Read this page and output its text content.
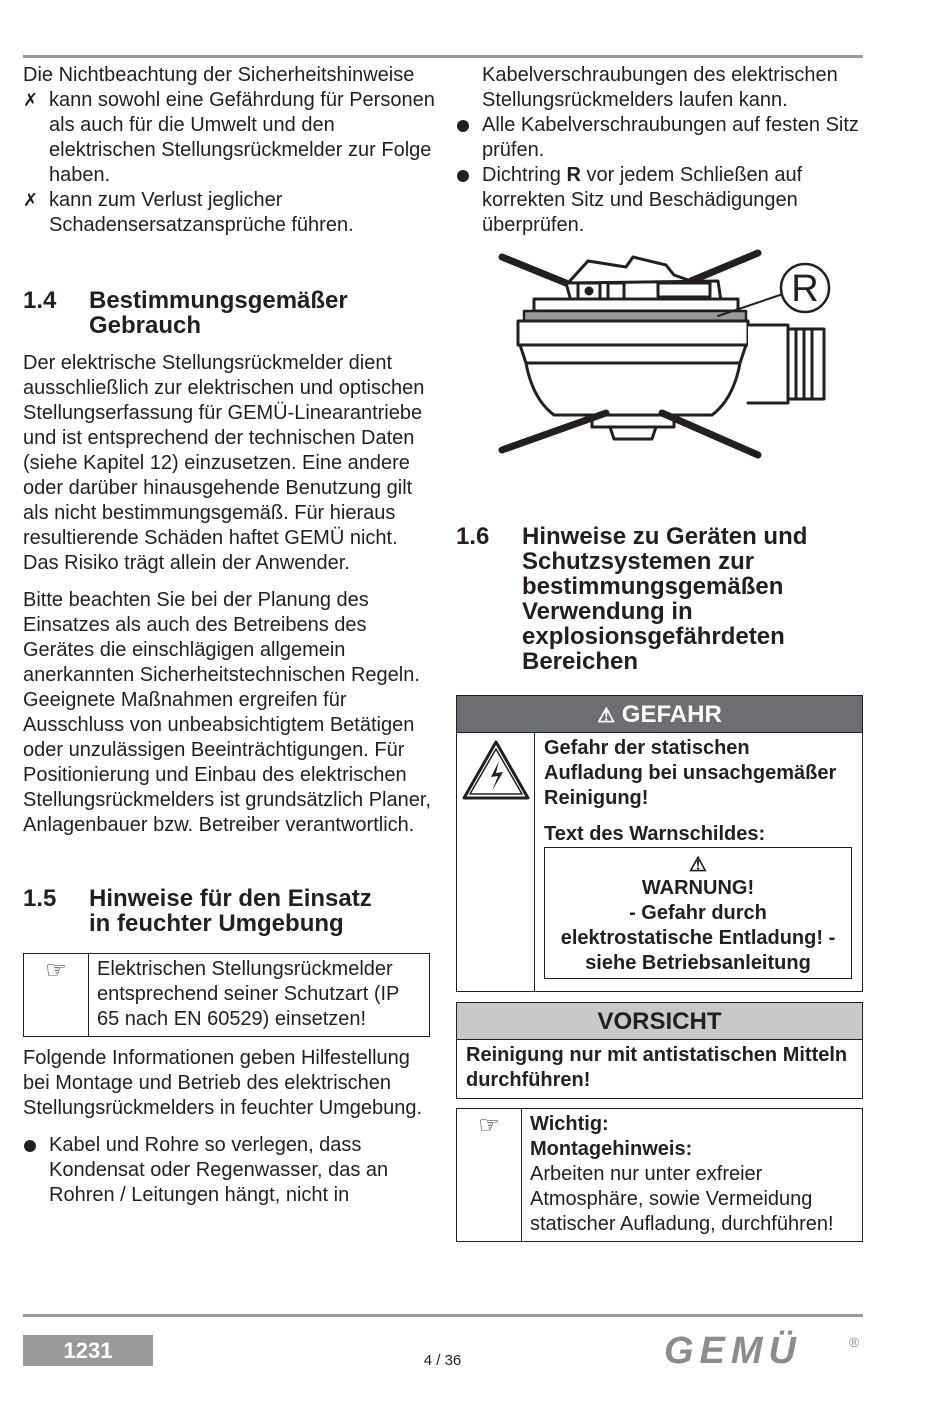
Die Nichtbeachtung der Sicherheitshinweise

✗ kann sowohl eine Gefährdung für Personen als auch für die Umwelt und den elektrischen Stellungsrückmelder zur Folge haben.
✗ kann zum Verlust jeglicher Schadensersatzansprüche führen.
1.4	Bestimmungsgemäßer Gebrauch

Der elektrische Stellungsrückmelder dient ausschließlich zur elektrischen und optischen Stellungserfassung für GEMÜ-Linearantriebe und ist entsprechend der technischen Daten (siehe Kapitel 12) einzusetzen. Eine andere oder darüber hinausgehende Benutzung gilt als nicht bestimmungsgemäß. Für hieraus resultierende Schäden haftet GEMÜ nicht. Das Risiko trägt allein der Anwender.

Bitte beachten Sie bei der Planung des Einsatzes als auch des Betreibens des Gerätes die einschlägigen allgemein anerkannten Sicherheitstechnischen Regeln. Geeignete Maßnahmen ergreifen für Ausschluss von unbeabsichtigtem Betätigen oder unzulässigen Beeinträchtigungen. Für Positionierung und Einbau des elektrischen Stellungsrückmelders ist grundsätzlich Planer, Anlagenbauer bzw. Betreiber verantwortlich.

1.5	Hinweise für den Einsatz in feuchter Umgebung
☞	Elektrischen Stellungsrückmelder entsprechend seiner Schutzart (IP 65 nach EN 60529) einsetzen!

Folgende Informationen geben Hilfestellung bei Montage und Betrieb des elektrischen Stellungsrückmelders in feuchter Umgebung.

Kabel und Rohre so verlegen, dass Kondensat oder Regenwasser, das an Rohren / Leitungen hängt, nicht in

Kabelverschraubungen des elektrischen Stellungsrückmelders laufen kann.

Alle Kabelverschraubungen auf festen Sitz prüfen.
Dichtring R vor jedem Schließen auf korrekten Sitz und Beschädigungen überprüfen.
R
1.6	Hinweise zu Geräten und Schutzsystemen zur bestimmungsgemäßen Verwendung in explosionsgefährdeten Bereichen
⚠ GEFAHR

Gefahr der statischen Aufladung bei unsachgemäßer Reinigung!

Text des Warnschildes:

⚠
WARNUNG!
- Gefahr durch
elektrostatische Entladung! -
siehe Betriebsanleitung
VORSICHT

Reinigung nur mit antistatischen Mitteln durchführen!

☞	Wichtig:
Montagehinweis:
Arbeiten nur unter exfreier Atmosphäre, sowie Vermeidung statischer Aufladung, durchführen!
1231	4 / 36	GEMÜ	®
